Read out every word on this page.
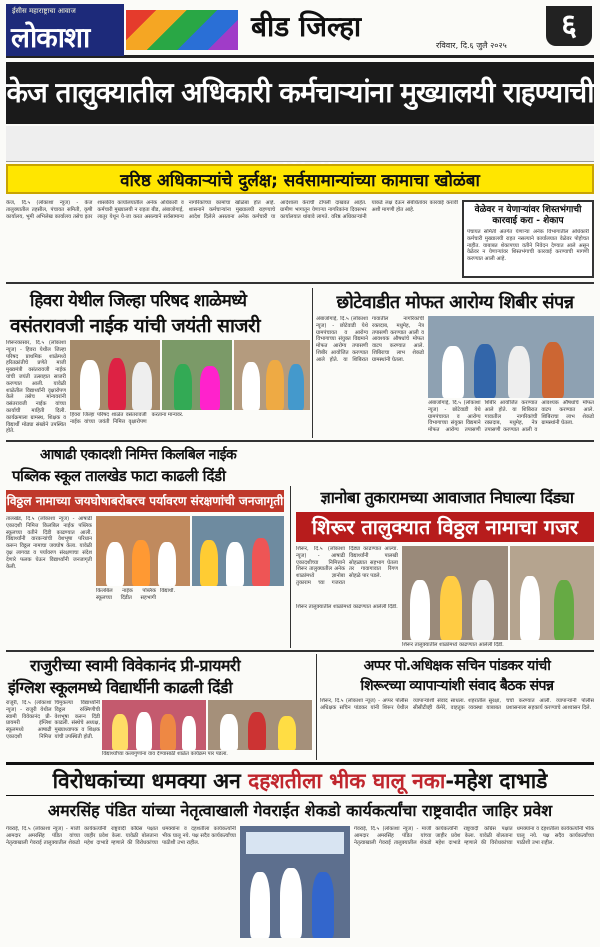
ईसीस महाराष्ट्राचा आवाज
लोकाशा	बीड जिल्हा
रविवार, दि.६ जुलै २०२५
६
केज तालुक्यातील अधिकारी कर्मचाऱ्यांना मुख्यालयी राहण्याची
वरिष्ठ अधिकाऱ्यांचे दुर्लक्ष; सर्वसामान्यांच्या कामाचा खोळंबा
केज, दि.५ (लोकाशा न्यूज) - केज तालुक्यातील तहसील, पंचायत समिती, कृषी कार्यालय, भूमी अभिलेख कार्यालय तसेच इतर शासकीय कार्यालयातील अनेक अधिकारी व कर्मचारी मुख्यालयी न राहता बीड, अंबाजोगाई, लातूर येथून ये-जा करत असल्याने सर्वसामान्य नागरिकांच्या कामांचा खोळंबा होत आहे. शासनाने कर्मचाऱ्यांना मुख्यालयी राहण्याचे आदेश दिलेले असताना अनेक कर्मचारी या आदेशाला केराची टोपली दाखवत आहेत. ग्रामीण भागातून येणाऱ्या नागरिकांना दिवसभर कार्यालयात थांबावे लागते. वरिष्ठ अधिकाऱ्यांनी याकडे लक्ष देऊन संबंधितांवर कारवाई करावी अशी मागणी होत आहे.	वेळेवर न येणाऱ्यांवर शिस्तभंगाची कारवाई करा - शेकाप
पंचायत समिती अंतर्गत येणाऱ्या अनेक विभागातील अधिकारी कर्मचारी मुख्यालयी राहत नसल्याने कार्यालयात वेळेवर पोहोचत नाहीत. याबाबत शेकापच्या वतीने निवेदन देण्यात आले असून वेळेवर न येणाऱ्यांवर शिस्तभंगाची कारवाई करण्याची मागणी करण्यात आली आहे.
हिवरा येथील जिल्हा परिषद शाळेमध्ये
वसंतरावजी नाईक यांची जयंती साजरी
शिरूरकासार, दि.५ (लोकाशा न्यूज) - हिवरा येथील जिल्हा परिषद प्राथमिक शाळेमध्ये हरितक्रांतीचे प्रणेते माजी मुख्यमंत्री वसंतरावजी नाईक यांची जयंती उत्साहात साजरी करण्यात आली. यावेळी शाळेतील विद्यार्थ्यांनी वृक्षारोपण केले तसेच मान्यवरांनी वसंतरावजी नाईक यांच्या कार्याची माहिती दिली. कार्यक्रमाला ग्रामस्थ, शिक्षक व विद्यार्थी मोठ्या संख्येने उपस्थित होते.
हिवरा जिल्हा परिषद शाळेत वसंतरावजी नाईक यांच्या जयंती निमित्त वृक्षारोपण करताना मान्यवर.
छोटेवाडीत मोफत आरोग्य शिबीर संपन्न
अंबाजोगाई, दि.५ (लोकाशा न्यूज) - छोटेवाडी येथे ग्रामपंचायत व आरोग्य विभागाच्या संयुक्त विद्यमाने मोफत आरोग्य तपासणी शिबीर आयोजित करण्यात आले होते. या शिबिरात गावातील नागरिकांची रक्तदाब, मधुमेह, नेत्र तपासणी करण्यात आली व आवश्यक औषधांचे मोफत वाटप करण्यात आले. शिबिराचा लाभ शेकडो ग्रामस्थांनी घेतला.
अंबाजोगाई, दि.५ (लोकाशा न्यूज) - छोटेवाडी येथे ग्रामपंचायत व आरोग्य विभागाच्या संयुक्त विद्यमाने मोफत आरोग्य तपासणी शिबीर आयोजित करण्यात आले होते. या शिबिरात गावातील नागरिकांची रक्तदाब, मधुमेह, नेत्र तपासणी करण्यात आली व आवश्यक औषधांचे मोफत वाटप करण्यात आले. शिबिराचा लाभ शेकडो ग्रामस्थांनी घेतला.
आषाढी एकादशी निमित्त किलबिल नाईक
पब्लिक स्कूल तालखेड फाटा काढली दिंडी
विठ्ठल नामाच्या जयघोषाबरोबरच पर्यावरण संरक्षणांची जनजागृती
तालखेड, दि.५ (लोकाशा न्यूज) - आषाढी एकादशी निमित्त किलबिल नाईक पब्लिक स्कूलच्या वतीने दिंडी काढण्यात आली. विद्यार्थ्यांनी वारकऱ्यांची वेशभूषा परिधान करून विठ्ठल नामाचा जयघोष केला. यावेळी वृक्ष लागवड व पर्यावरण संरक्षणाचा संदेश देणारे फलक घेऊन विद्यार्थ्यांनी जनजागृती केली.
किलबिल नाईक पब्लिक स्कूलच्या दिंडीत सहभागी विद्यार्थी.
ज्ञानोबा तुकारामच्या आवाजात निघाल्या दिंड्या
शिरूर तालुक्यात विठ्ठल नामाचा गजर
शिरूर, दि.५ (लोकाशा न्यूज) - आषाढी एकादशीच्या निमित्ताने शिरूर तालुक्यातील अनेक शाळांमध्ये ज्ञानोबा तुकाराम च्या गजरात दिंड्या काढण्यात आल्या. विद्यार्थ्यांनी पालखी सोहळ्यात सहभाग घेतला तर गावागावात रिंगण सोहळे पार पडले.
शिरूर तालुक्यातील शाळांमध्ये काढण्यात आलेली दिंडी.
शिरूर तालुक्यातील शाळांमध्ये काढण्यात आलेली दिंडी.
राजुरीच्या स्वामी विवेकानंद प्री-प्रायमरी
इंग्लिश स्कूलमध्ये विद्यार्थीनी काढली दिंडी
राजुरी, दि.५ (लोकाशा न्यूज) - राजुरी येथील स्वामी विवेकानंद प्री-प्रायमरी इंग्लिश स्कूलमध्ये आषाढी एकादशी निमित्त चिमुकल्या विद्यार्थ्यांनी विठ्ठल रुक्मिणीची वेशभूषा करून दिंडी काढली. संस्थेचे अध्यक्ष, मुख्याध्यापक व शिक्षक यांची उपस्थिती होती.
विद्यार्थ्यांच्या कलागुणांना वाव देण्यासाठी शाळेत कार्यक्रम पार पडला.
अप्पर पो.अधिक्षक सचिन पांडकर यांची
शिरूरच्या व्यापाऱ्यांशी संवाद बैठक संपन्न
शिरूर, दि.५ (लोकाशा न्यूज) - अप्पर पोलीस अधिक्षक सचिन पांडकर यांनी शिरूर येथील व्यापाऱ्यांशी संवाद साधला. शहरातील सुरक्षा, सीसीटीव्ही कॅमेरे, वाहतूक व्यवस्था याबाबत चर्चा करण्यात आली. व्यापाऱ्यांनी पोलीस प्रशासनाला सहकार्य करण्याचे आश्वासन दिले.
विरोधकांच्या धमक्या अन दहशतीला भीक घालू नका-महेश दाभाडे
अमरसिंह पंडित यांच्या नेतृत्वाखाली गेवराईत शेकडो कार्यकर्त्यांचा राष्ट्रवादीत जाहिर प्रवेश
गेवराई, दि.५ (लोकाशा न्यूज) - माजी आमदार अमरसिंह पंडित यांच्या नेतृत्वाखाली गेवराई तालुक्यातील शेकडो कार्यकर्त्यांनी राष्ट्रवादी काँग्रेस पक्षात जाहीर प्रवेश केला. यावेळी बोलताना महेश दाभाडे म्हणाले की विरोधकांच्या धमक्यांना व दहशतीला कार्यकर्त्यांनी भीक घालू नये. पक्ष सदैव कार्यकर्त्यांच्या पाठीशी उभा राहील.
गेवराई, दि.५ (लोकाशा न्यूज) - माजी आमदार अमरसिंह पंडित यांच्या नेतृत्वाखाली गेवराई तालुक्यातील शेकडो कार्यकर्त्यांनी राष्ट्रवादी काँग्रेस पक्षात जाहीर प्रवेश केला. यावेळी बोलताना महेश दाभाडे म्हणाले की विरोधकांच्या धमक्यांना व दहशतीला कार्यकर्त्यांनी भीक घालू नये. पक्ष सदैव कार्यकर्त्यांच्या पाठीशी उभा राहील.
